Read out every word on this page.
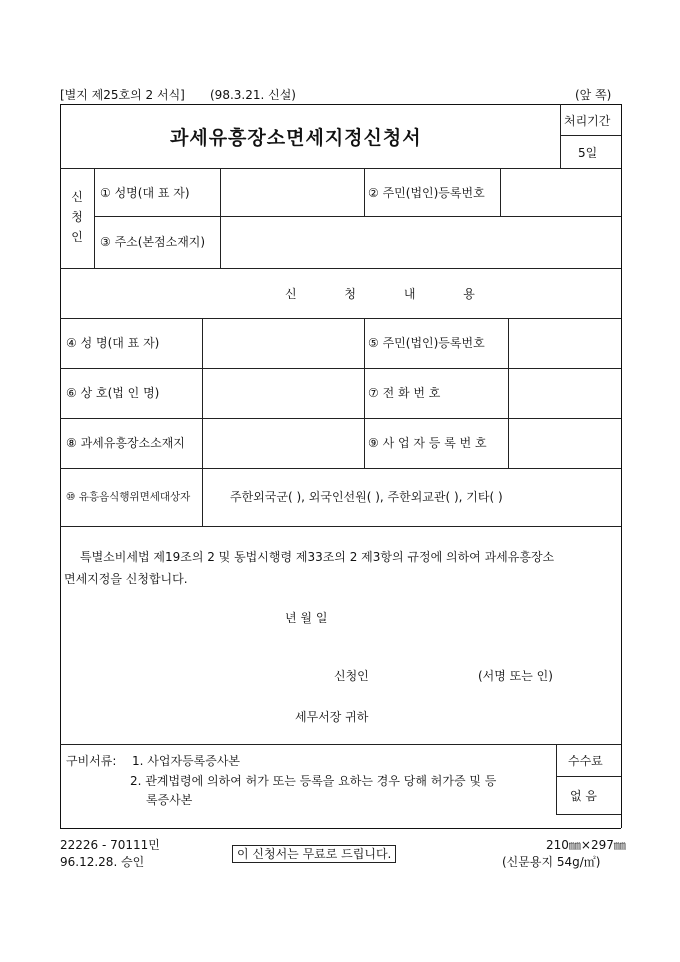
[별지 제25호의 2 서식] (98.3.21. 신설)	(앞 쪽)
과세유흥장소면세지정신청서
처리기간
5일
신
청
인
① 성명(대 표 자)	② 주민(법인)등록번호
③ 주소(본점소재지)
신 청 내 용
④ 성 명(대 표 자)	⑤ 주민(법인)등록번호
⑥ 상 호(법 인 명)	⑦ 전 화 번 호
⑧ 과세유흥장소소재지	⑨ 사 업 자 등 록 번 호
⑩ 유흥음식행위면세대상자	주한외국군( ), 외국인선원( ), 주한외교관( ), 기타( )
특별소비세법 제19조의 2 및 동법시행령 제33조의 2 제3항의 규정에 의하여 과세유흥장소
면세지정을 신청합니다.
년 월 일
신청인	(서명 또는 인)
세무서장 귀하
구비서류: 1. 사업자등록증사본
2. 관계법령에 의하여 허가 또는 등록을 요하는 경우 당해 허가증 및 등
록증사본
수수료
없 음
22226 - 70111민
96.12.28. 승인
이 신청서는 무료로 드립니다.
210㎜×297㎜
(신문용지 54g/㎡)
